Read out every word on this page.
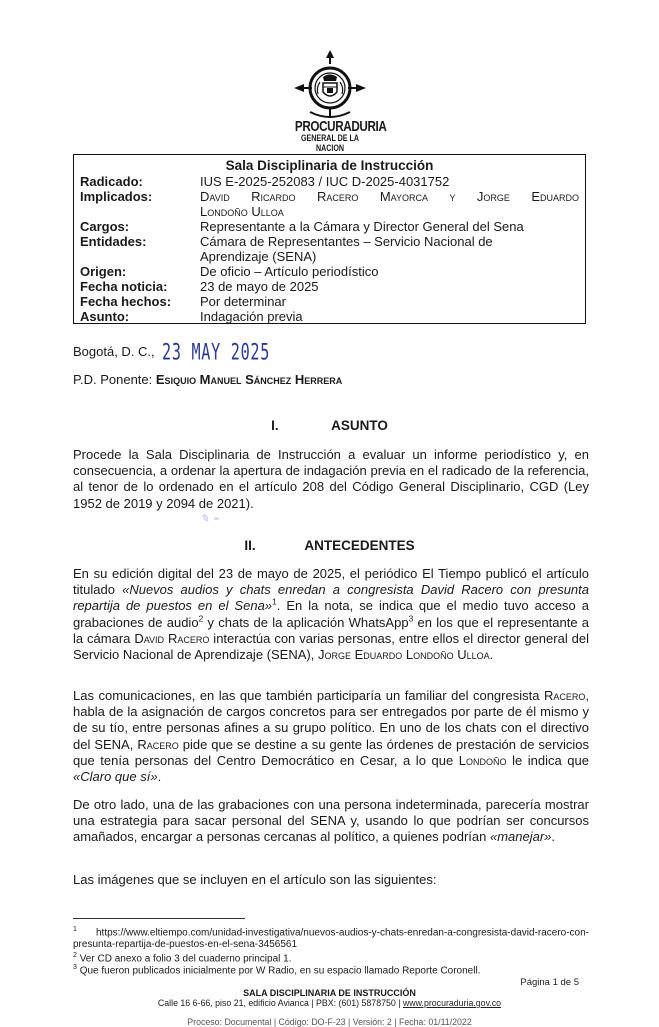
PROCURADURIA
GENERAL DE LA NACION
Sala Disciplinaria de Instrucción
Radicado:	IUS E-2025-252083 / IUC D-2025-4031752
Implicados:	David Ricardo Racero Mayorca y Jorge Eduardo
Londoño Ulloa
Cargos:	Representante a la Cámara y Director General del Sena
Entidades:	Cámara de Representantes – Servicio Nacional de
Aprendizaje (SENA)
Origen:	De oficio – Artículo periodístico
Fecha noticia:	23 de mayo de 2025
Fecha hechos:	Por determinar
Asunto:	Indagación previa
Bogotá, D. C., 23 MAY 2025
P.D. Ponente: Esiquio Manuel Sánchez Herrera
I.	ASUNTO
Procede la Sala Disciplinaria de Instrucción a evaluar un informe periodístico y, en consecuencia, a ordenar la apertura de indagación previa en el radicado de la referencia, al tenor de lo ordenado en el artículo 208 del Código General Disciplinario, CGD (Ley 1952 de 2019 y 2094 de 2021).
✎ ⌁
II.	ANTECEDENTES
En su edición digital del 23 de mayo de 2025, el periódico El Tiempo publicó el artículo titulado «Nuevos audios y chats enredan a congresista David Racero con presunta repartija de puestos en el Sena»$^1$. En la nota, se indica que el medio tuvo acceso a grabaciones de audio$^2$ y chats de la aplicación WhatsApp$^3$ en los que el representante a la cámara David Racero interactúa con varias personas, entre ellos el director general del Servicio Nacional de Aprendizaje (SENA), Jorge Eduardo Londoño Ulloa.
Las comunicaciones, en las que también participaría un familiar del congresista Racero, habla de la asignación de cargos concretos para ser entregados por parte de él mismo y de su tío, entre personas afines a su grupo político. En uno de los chats con el directivo del SENA, Racero pide que se destine a su gente las órdenes de prestación de servicios que tenía personas del Centro Democrático en Cesar, a lo que Londoño le indica que «Claro que sí».
De otro lado, una de las grabaciones con una persona indeterminada, parecería mostrar una estrategia para sacar personal del SENA y, usando lo que podrían ser concursos amañados, encargar a personas cercanas al político, a quienes podrían «manejar».
Las imágenes que se incluyen en el artículo son las siguientes:
$^1$ https://www.eltiempo.com/unidad-investigativa/nuevos-audios-y-chats-enredan-a-congresista-david-racero-con-presunta-repartija-de-puestos-en-el-sena-3456561
$^2$ Ver CD anexo a folio 3 del cuaderno principal 1.
$^3$ Que fueron publicados inicialmente por W Radio, en su espacio llamado Reporte Coronell.
Página 1 de 5
SALA DISCIPLINARIA DE INSTRUCCIÓN
Calle 16 6-66, piso 21, edificio Avianca | PBX: (601) 5878750 | www.procuraduria.gov.co
Proceso: Documental | Código: DO-F-23 | Versión: 2 | Fecha: 01/11/2022
